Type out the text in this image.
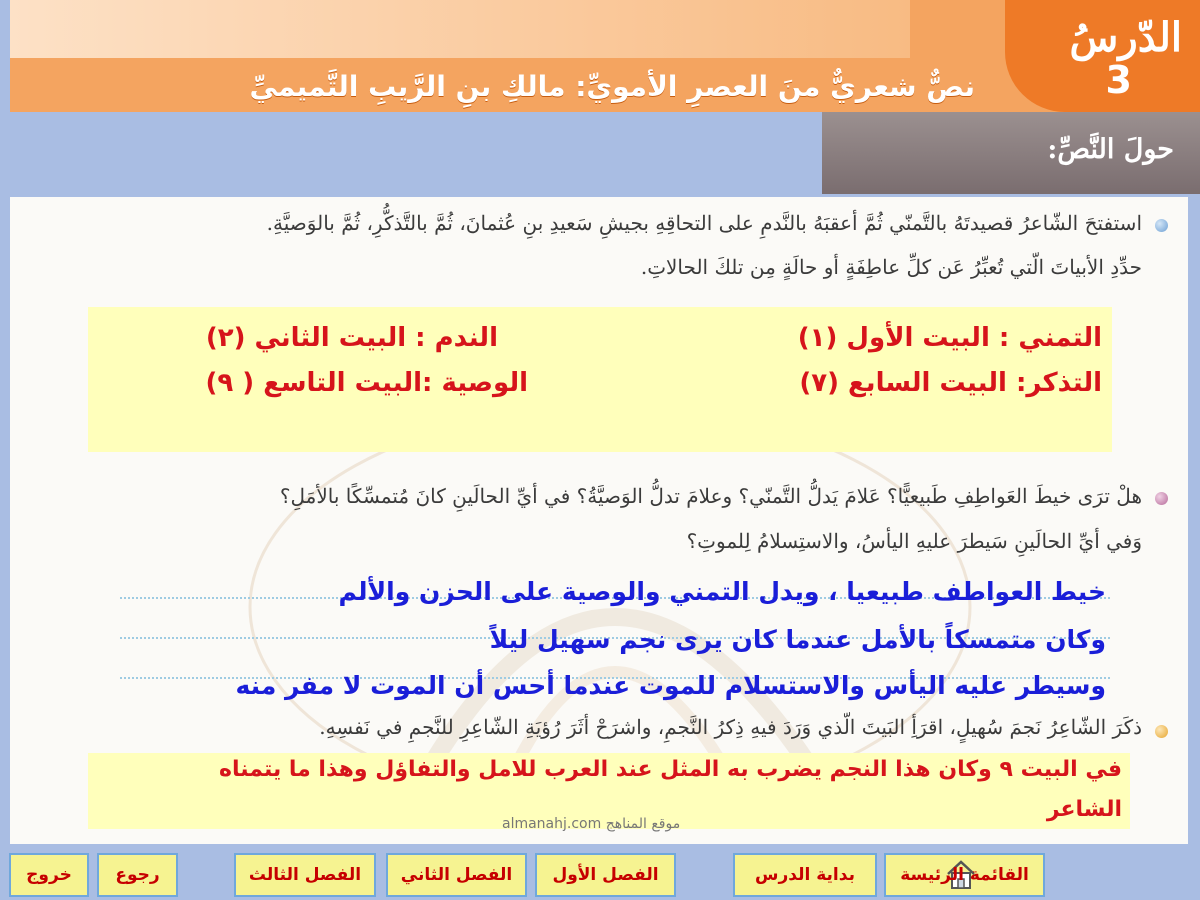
الدّرسُ
3
نصٌّ شعريٌّ منَ العصرِ الأمويِّ: مالكِ بنِ الرَّيبِ التَّميميِّ
حولَ النَّصِّ:
استفتحَ الشّاعرُ قصيدتَهُ بالتَّمنّي ثُمَّ أعقبَهُ بالنَّدمِ على التحاقِهِ بجيشِ سَعيدِ بنِ عُثمانَ، ثُمَّ بالتَّذكُّرِ، ثُمَّ بالوَصيَّةِ.
حدِّدِ الأبياتَ الّتي تُعبِّرُ عَن كلِّ عاطِفَةٍ أو حالَةٍ مِن تلكَ الحالاتِ.
التمني : البيت الأول (١)
الندم : البيت الثاني (٢)
التذكر: البيت السابع (٧)
الوصية :البيت التاسع ( ٩)
هلْ ترَى خيطَ العَواطِفِ طَبيعيًّا؟ عَلامَ يَدلُّ التَّمنّي؟ وعلامَ تدلُّ الوَصيَّةُ؟ في أيِّ الحالَينِ كانَ مُتمسِّكًا بالأمَلِ؟
وَفي أيِّ الحالَينِ سَيطرَ عليهِ اليأسُ، والاستِسلامُ لِلموتِ؟
خيط العواطف طبيعيا ، ويدل التمني والوصية على الحزن والألم
وكان متمسكاً بالأمل عندما كان يرى نجم سهيل ليلاً
وسيطر عليه اليأس والاستسلام للموت عندما أحس أن الموت لا مفر منه
ذكَرَ الشّاعِرُ نَجمَ سُهيلٍ، اقرَأِ البَيتَ الّذي وَرَدَ فيهِ ذِكرُ النَّجمِ، واشرَحْ أثَرَ رُؤيَةِ الشّاعِرِ للنَّجمِ في نَفسِهِ.
في البيت ٩ وكان هذا النجم يضرب به المثل عند العرب للامل والتفاؤل وهذا ما يتمناه
الشاعر
almanahj.com موقع المناهج
القائمة الرئيسة
بداية الدرس
الفصل الأول
الفصل الثاني
الفصل الثالث
رجوع
خروج
